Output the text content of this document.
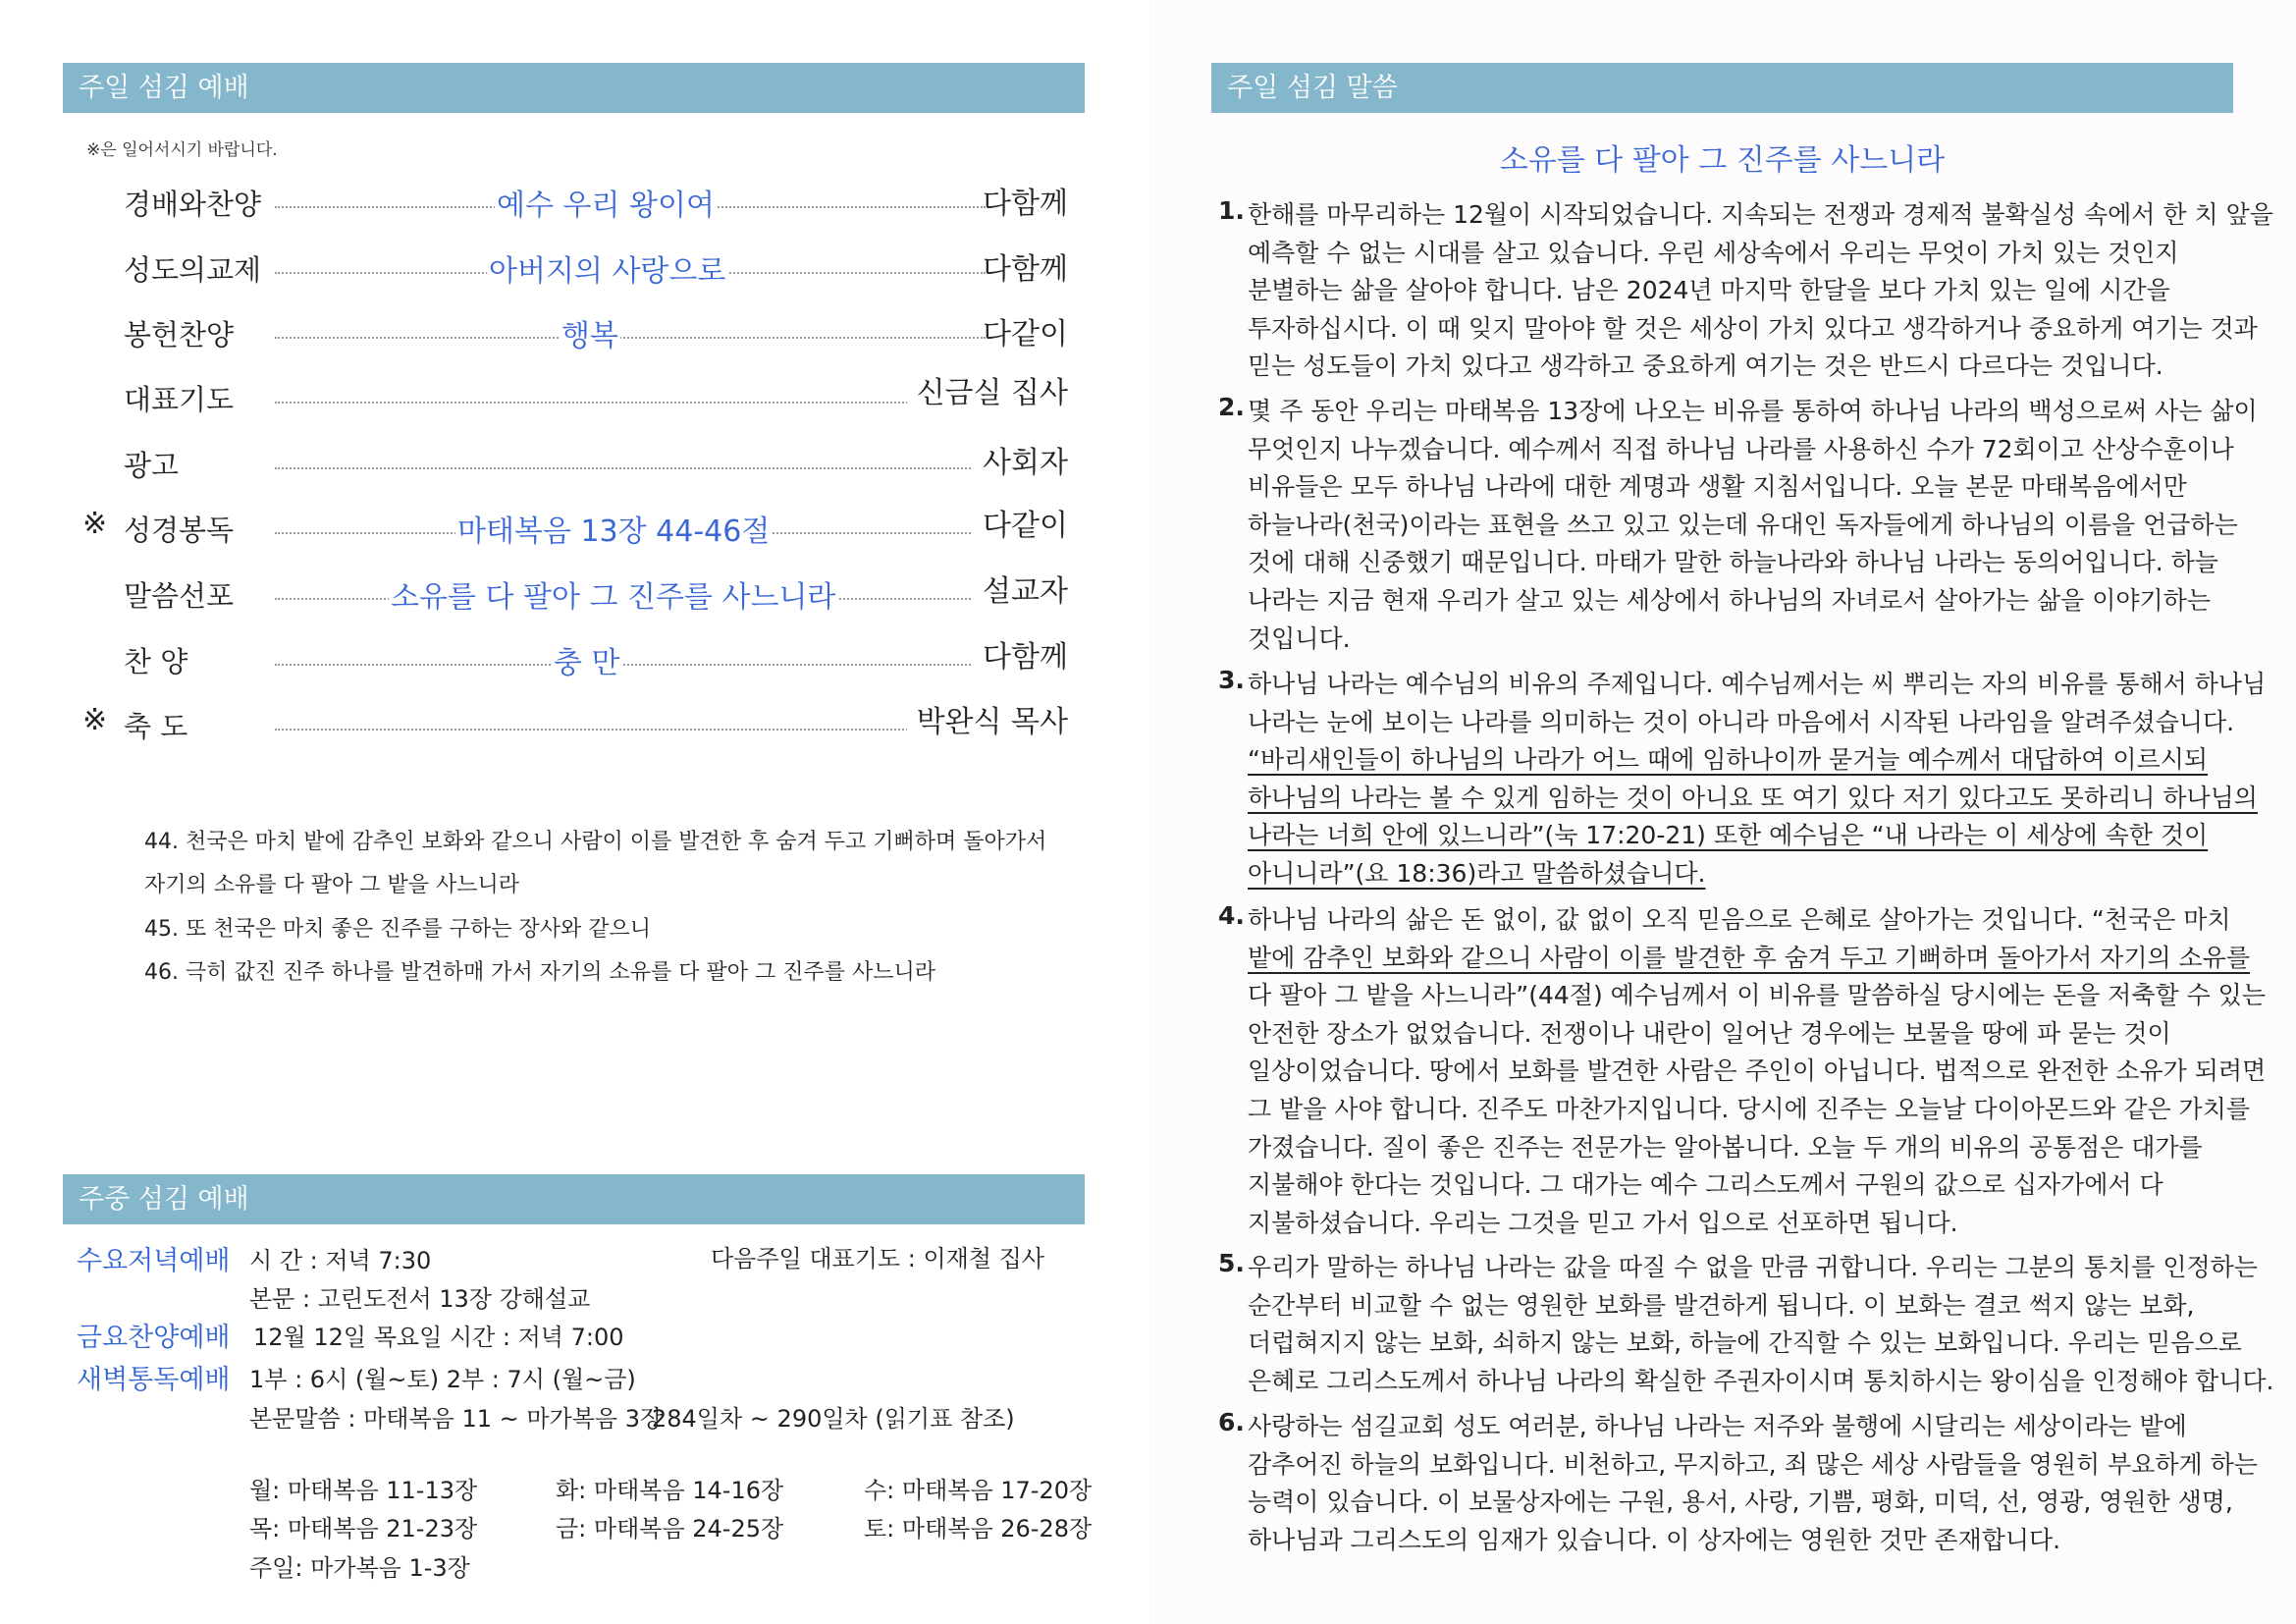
주일 섬김 예배
※은 일어서시기 바랍니다.
경배와찬양	예수 우리 왕이여	다함께
성도의교제	아버지의 사랑으로	다함께
봉헌찬양	행복	다같이
대표기도	신금실 집사
광고	사회자
※ 성경봉독	마태복음 13장 44-46절	다같이
말씀선포	소유를 다 팔아 그 진주를 사느니라	설교자
찬 양	충 만	다함께
※ 축 도	박완식 목사
44. 천국은 마치 밭에 감추인 보화와 같으니 사람이 이를 발견한 후 숨겨 두고 기뻐하며 돌아가서
자기의 소유를 다 팔아 그 밭을 사느니라
45. 또 천국은 마치 좋은 진주를 구하는 장사와 같으니
46. 극히 값진 진주 하나를 발견하매 가서 자기의 소유를 다 팔아 그 진주를 사느니라
주중 섬김 예배
수요저녁예배 시 간 : 저녁 7:30	다음주일 대표기도 : 이재철 집사
본문 : 고린도전서 13장 강해설교
금요찬양예배 12월 12일 목요일 시간 : 저녁 7:00
새벽통독예배 1부 : 6시 (월~토) 2부 : 7시 (월~금)
본문말씀 : 마태복음 11 ~ 마가복음 3장
284일차 ~ 290일차 (읽기표 참조)
월: 마태복음 11-13장	화: 마태복음 14-16장	수: 마태복음 17-20장
목: 마태복음 21-23장	금: 마태복음 24-25장	토: 마태복음 26-28장
주일: 마가복음 1-3장
주일 섬김 말씀
소유를 다 팔아 그 진주를 사느니라
1. 한해를 마무리하는 12월이 시작되었습니다. 지속되는 전쟁과 경제적 불확실성 속에서 한 치 앞을
예측할 수 없는 시대를 살고 있습니다. 우린 세상속에서 우리는 무엇이 가치 있는 것인지
분별하는 삶을 살아야 합니다. 남은 2024년 마지막 한달을 보다 가치 있는 일에 시간을
투자하십시다. 이 때 잊지 말아야 할 것은 세상이 가치 있다고 생각하거나 중요하게 여기는 것과
믿는 성도들이 가치 있다고 생각하고 중요하게 여기는 것은 반드시 다르다는 것입니다.
2. 몇 주 동안 우리는 마태복음 13장에 나오는 비유를 통하여 하나님 나라의 백성으로써 사는 삶이
무엇인지 나누겠습니다. 예수께서 직접 하나님 나라를 사용하신 수가 72회이고 산상수훈이나
비유들은 모두 하나님 나라에 대한 계명과 생활 지침서입니다. 오늘 본문 마태복음에서만
하늘나라(천국)이라는 표현을 쓰고 있고 있는데 유대인 독자들에게 하나님의 이름을 언급하는
것에 대해 신중했기 때문입니다. 마태가 말한 하늘나라와 하나님 나라는 동의어입니다. 하늘
나라는 지금 현재 우리가 살고 있는 세상에서 하나님의 자녀로서 살아가는 삶을 이야기하는
것입니다.
3. 하나님 나라는 예수님의 비유의 주제입니다. 예수님께서는 씨 뿌리는 자의 비유를 통해서 하나님
나라는 눈에 보이는 나라를 의미하는 것이 아니라 마음에서 시작된 나라임을 알려주셨습니다.
“바리새인들이 하나님의 나라가 어느 때에 임하나이까 묻거늘 예수께서 대답하여 이르시되
하나님의 나라는 볼 수 있게 임하는 것이 아니요 또 여기 있다 저기 있다고도 못하리니 하나님의
나라는 너희 안에 있느니라”(눅 17:20-21) 또한 예수님은 “내 나라는 이 세상에 속한 것이
아니니라”(요 18:36)라고 말씀하셨습니다.
4. 하나님 나라의 삶은 돈 없이, 값 없이 오직 믿음으로 은혜로 살아가는 것입니다. “천국은 마치
밭에 감추인 보화와 같으니 사람이 이를 발견한 후 숨겨 두고 기뻐하며 돌아가서 자기의 소유를
다 팔아 그 밭을 사느니라”(44절) 예수님께서 이 비유를 말씀하실 당시에는 돈을 저축할 수 있는
안전한 장소가 없었습니다. 전쟁이나 내란이 일어난 경우에는 보물을 땅에 파 묻는 것이
일상이었습니다. 땅에서 보화를 발견한 사람은 주인이 아닙니다. 법적으로 완전한 소유가 되려면
그 밭을 사야 합니다. 진주도 마찬가지입니다. 당시에 진주는 오늘날 다이아몬드와 같은 가치를
가졌습니다. 질이 좋은 진주는 전문가는 알아봅니다. 오늘 두 개의 비유의 공통점은 대가를
지불해야 한다는 것입니다. 그 대가는 예수 그리스도께서 구원의 값으로 십자가에서 다
지불하셨습니다. 우리는 그것을 믿고 가서 입으로 선포하면 됩니다.
5. 우리가 말하는 하나님 나라는 값을 따질 수 없을 만큼 귀합니다. 우리는 그분의 통치를 인정하는
순간부터 비교할 수 없는 영원한 보화를 발견하게 됩니다. 이 보화는 결코 썩지 않는 보화,
더럽혀지지 않는 보화, 쇠하지 않는 보화, 하늘에 간직할 수 있는 보화입니다. 우리는 믿음으로
은혜로 그리스도께서 하나님 나라의 확실한 주권자이시며 통치하시는 왕이심을 인정해야 합니다.
6. 사랑하는 섬길교회 성도 여러분, 하나님 나라는 저주와 불행에 시달리는 세상이라는 밭에
감추어진 하늘의 보화입니다. 비천하고, 무지하고, 죄 많은 세상 사람들을 영원히 부요하게 하는
능력이 있습니다. 이 보물상자에는 구원, 용서, 사랑, 기쁨, 평화, 미덕, 선, 영광, 영원한 생명,
하나님과 그리스도의 임재가 있습니다. 이 상자에는 영원한 것만 존재합니다.
